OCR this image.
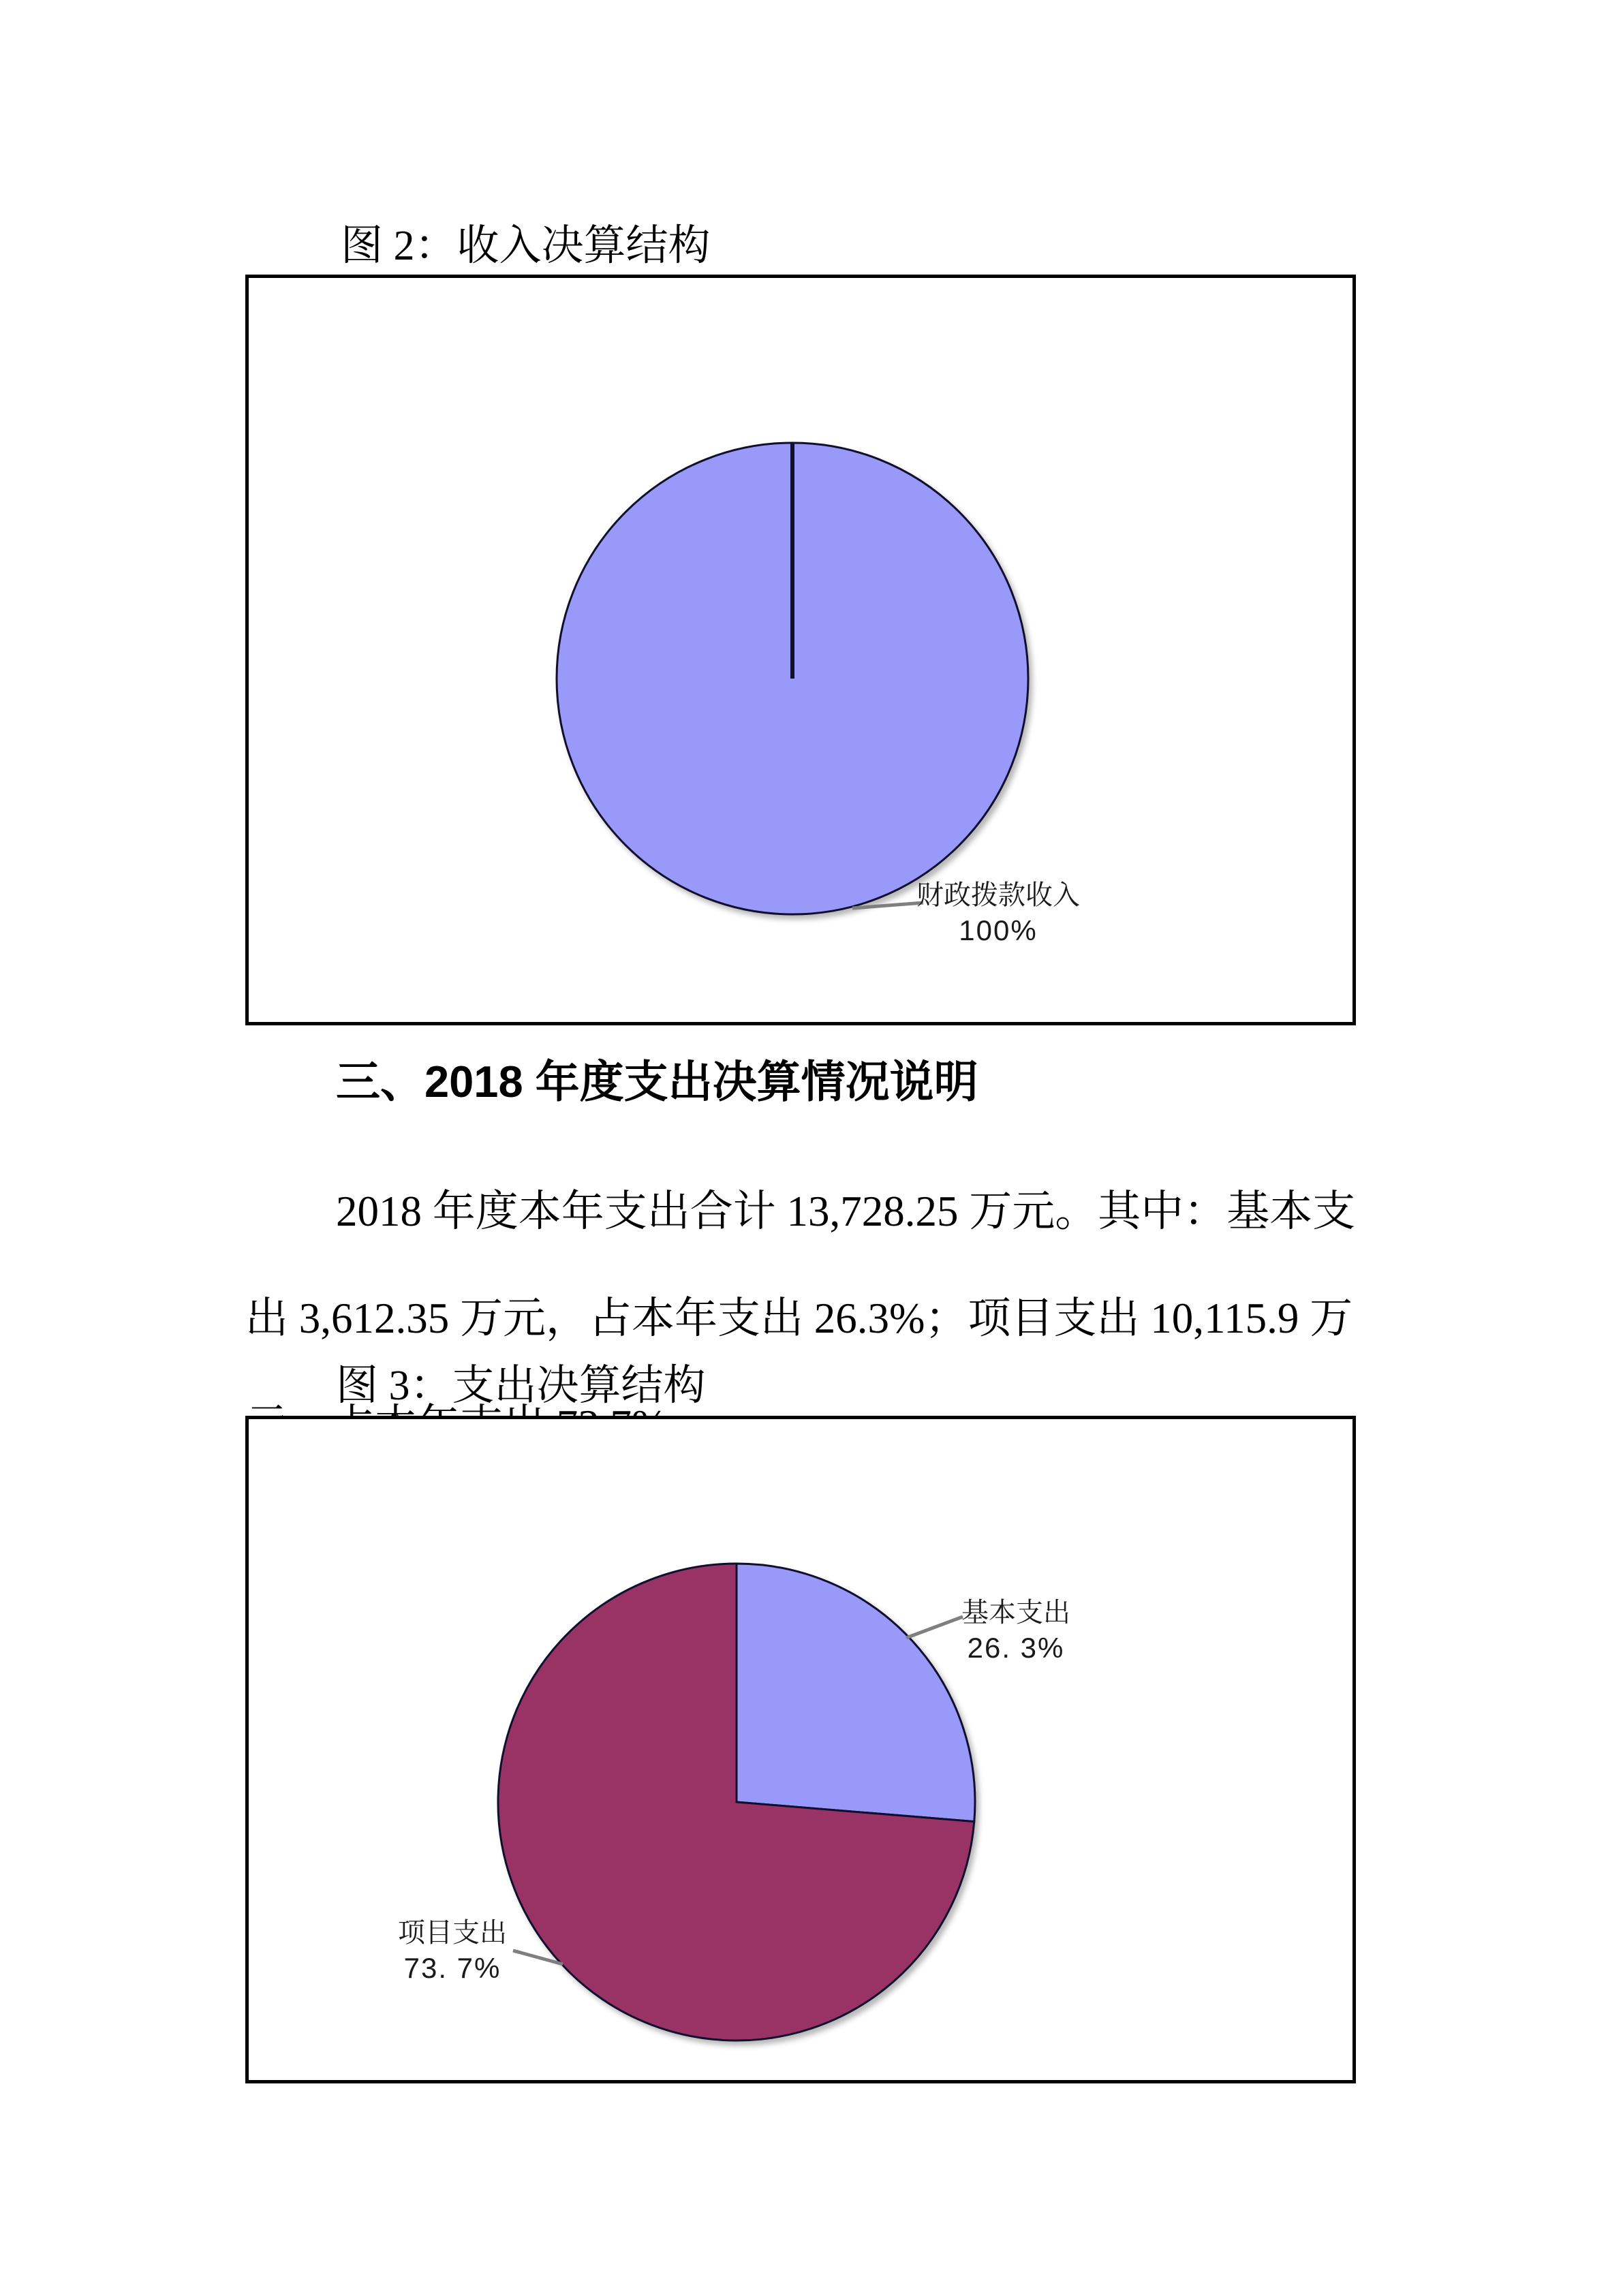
图 2：收入决算结构
财政拨款收入
100%
三、2018 年度支出决算情况说明
2018 年度本年支出合计 13,728.25 万元。其中：基本支
出 3,612.35 万元，占本年支出 26.3%；项目支出 10,115.9 万
图 3：支出决算结构
基本支出
26. 3%
项目支出
73. 7%
